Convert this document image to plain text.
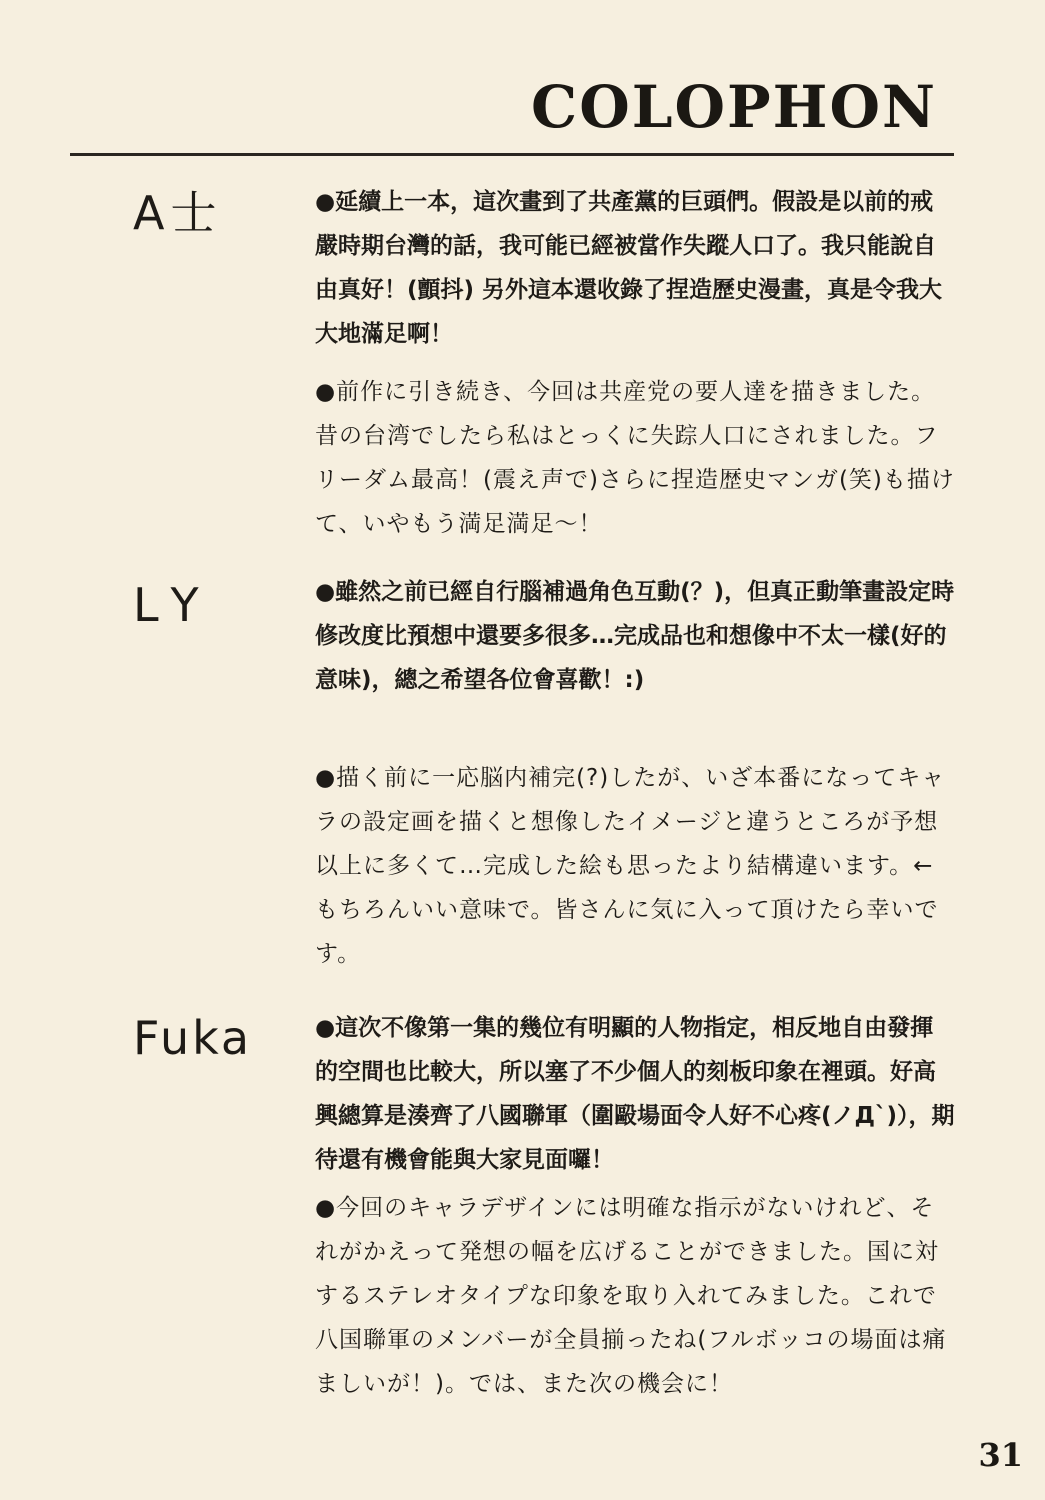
COLOPHON
A士	●延續上一本，這次畫到了共產黨的巨頭們。假設是以前的戒嚴時期台灣的話，我可能已經被當作失蹤人口了。我只能說自由真好！(顫抖) 另外這本還收錄了捏造歷史漫畫，真是令我大大地滿足啊！
●前作に引き続き、今回は共産党の要人達を描きました。昔の台湾でしたら私はとっくに失踪人口にされました。フリーダム最高！(震え声で)さらに捏造歴史マンガ(笑)も描けて、いやもう満足満足～！
LY	●雖然之前已經自行腦補過角色互動(？)，但真正動筆畫設定時修改度比預想中還要多很多…完成品也和想像中不太一樣(好的意味)，總之希望各位會喜歡！:)
●描く前に一応脳内補完(?)したが、いざ本番になってキャラの設定画を描くと想像したイメージと違うところが予想以上に多くて…完成した絵も思ったより結構違います。←もちろんいい意味で。皆さんに気に入って頂けたら幸いです。
Fuka	●這次不像第一集的幾位有明顯的人物指定，相反地自由發揮的空間也比較大，所以塞了不少個人的刻板印象在裡頭。好高興總算是湊齊了八國聯軍（圍毆場面令人好不心疼(ノД`)），期待還有機會能與大家見面囉！
●今回のキャラデザインには明確な指示がないけれど、それがかえって発想の幅を広げることができました。国に対するステレオタイプな印象を取り入れてみました。これで八国聯軍のメンバーが全員揃ったね(フルボッコの場面は痛ましいが！)。では、また次の機会に！
31
